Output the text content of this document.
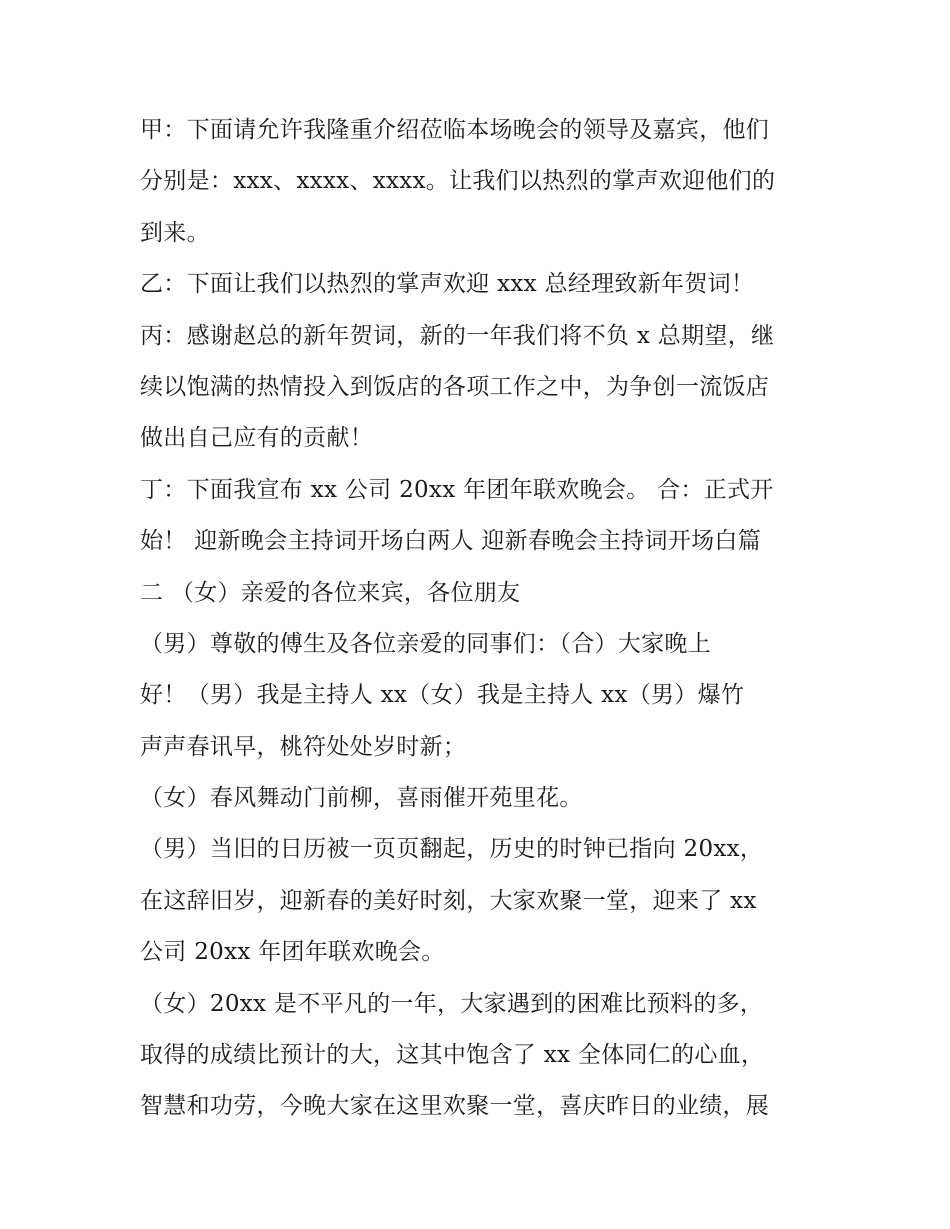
甲：下面请允许我隆重介绍莅临本场晚会的领导及嘉宾，他们
分别是：xxx、xxxx、xxxx。让我们以热烈的掌声欢迎他们的
到来。
乙：下面让我们以热烈的掌声欢迎 xxx 总经理致新年贺词！
丙：感谢赵总的新年贺词，新的一年我们将不负 x 总期望，继
续以饱满的热情投入到饭店的各项工作之中，为争创一流饭店
做出自己应有的贡献！
丁：下面我宣布 xx 公司 20xx 年团年联欢晚会。 合：正式开
始！ 迎新晚会主持词开场白两人 迎新春晚会主持词开场白篇
二 （女）亲爱的各位来宾，各位朋友
（男）尊敬的傅生及各位亲爱的同事们：（合）大家晚上
好！（男）我是主持人 xx（女）我是主持人 xx（男）爆竹
声声春讯早，桃符处处岁时新；
（女）春风舞动门前柳，喜雨催开苑里花。
（男）当旧的日历被一页页翻起，历史的时钟已指向 20xx，
在这辞旧岁，迎新春的美好时刻，大家欢聚一堂，迎来了 xx
公司 20xx 年团年联欢晚会。
（女）20xx 是不平凡的一年，大家遇到的困难比预料的多，
取得的成绩比预计的大，这其中饱含了 xx 全体同仁的心血，
智慧和功劳，今晚大家在这里欢聚一堂，喜庆昨日的业绩，展
